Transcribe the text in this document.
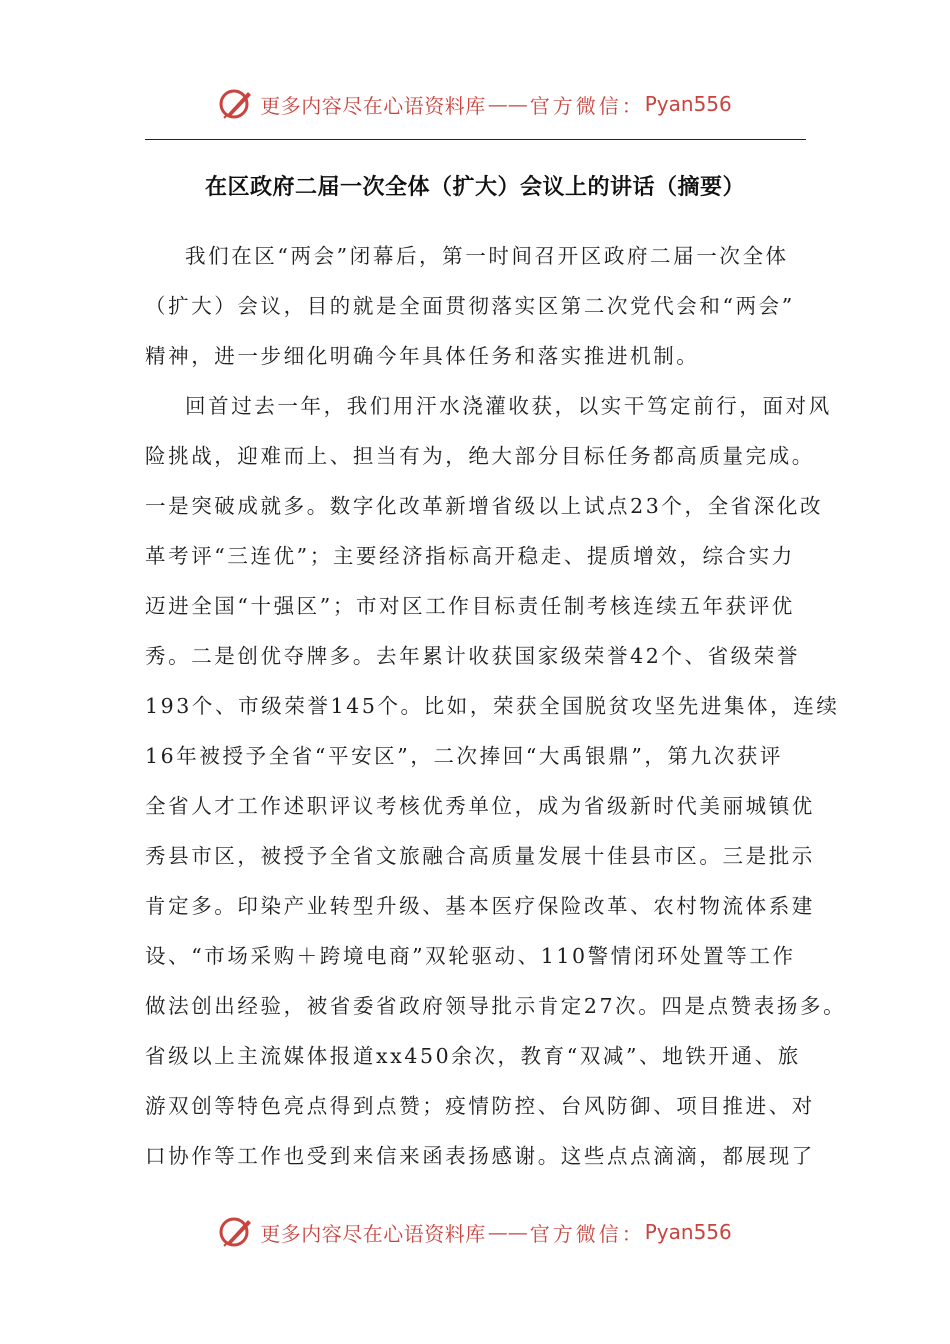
更多内容尽在心语资料库 —— 官方微信： Pyan556
在区政府二届一次全体（扩大）会议上的讲话（摘要）
我们在区“两会”闭幕后，第一时间召开区政府二届一次全体
（扩大）会议，目的就是全面贯彻落实区第二次党代会和“两会”
精神，进一步细化明确今年具体任务和落实推进机制。
回首过去一年，我们用汗水浇灌收获，以实干笃定前行，面对风
险挑战，迎难而上、担当有为，绝大部分目标任务都高质量完成。
一是突破成就多。数字化改革新增省级以上试点23个，全省深化改
革考评“三连优”；主要经济指标高开稳走、提质增效，综合实力
迈进全国“十强区”；市对区工作目标责任制考核连续五年获评优
秀。二是创优夺牌多。去年累计收获国家级荣誉42个、省级荣誉
193个、市级荣誉145个。比如，荣获全国脱贫攻坚先进集体，连续
16年被授予全省“平安区”，二次捧回“大禹银鼎”，第九次获评
全省人才工作述职评议考核优秀单位，成为省级新时代美丽城镇优
秀县市区，被授予全省文旅融合高质量发展十佳县市区。三是批示
肯定多。印染产业转型升级、基本医疗保险改革、农村物流体系建
设、“市场采购＋跨境电商”双轮驱动、110警情闭环处置等工作
做法创出经验，被省委省政府领导批示肯定27次。四是点赞表扬多。
省级以上主流媒体报道xx450余次，教育“双减”、地铁开通、旅
游双创等特色亮点得到点赞；疫情防控、台风防御、项目推进、对
口协作等工作也受到来信来函表扬感谢。这些点点滴滴，都展现了
更多内容尽在心语资料库 —— 官方微信： Pyan556
